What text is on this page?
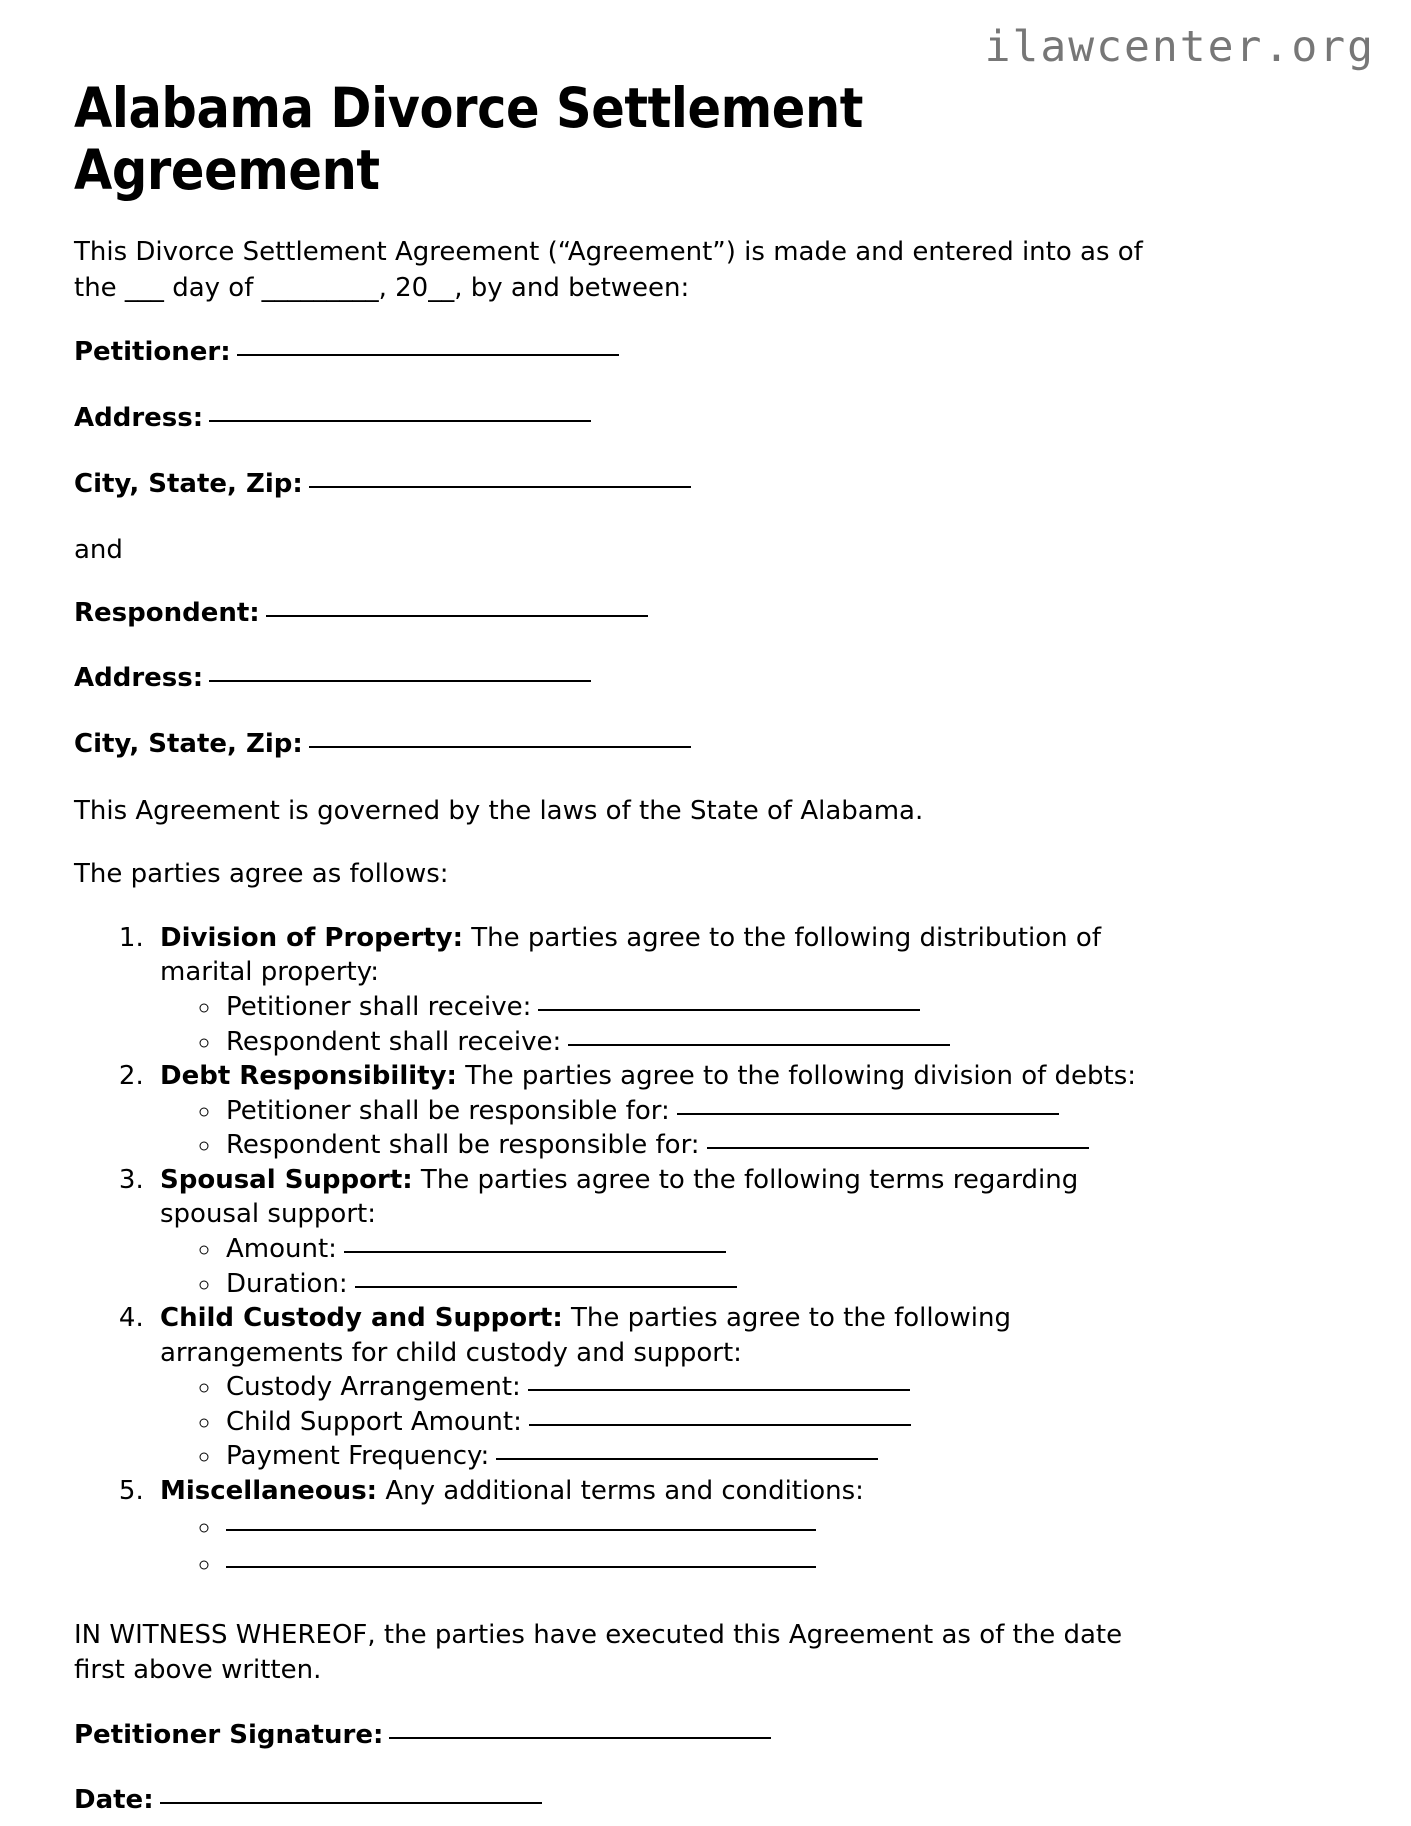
ilawcenter.org
Alabama Divorce Settlement Agreement

This Divorce Settlement Agreement (“Agreement”) is made and entered into as of the ___ day of _________, 20__, by and between:

Petitioner:
Address:
City, State, Zip:

and

Respondent:
Address:
City, State, Zip:

This Agreement is governed by the laws of the State of Alabama.

The parties agree as follows:

1. Division of Property: The parties agree to the following distribution of marital property:
◦ Petitioner shall receive:
◦ Respondent shall receive:
2. Debt Responsibility: The parties agree to the following division of debts:
◦ Petitioner shall be responsible for:
◦ Respondent shall be responsible for:
3. Spousal Support: The parties agree to the following terms regarding spousal support:
◦ Amount:
◦ Duration:
4. Child Custody and Support: The parties agree to the following arrangements for child custody and support:
◦ Custody Arrangement:
◦ Child Support Amount:
◦ Payment Frequency:
5. Miscellaneous: Any additional terms and conditions:
◦
◦

IN WITNESS WHEREOF, the parties have executed this Agreement as of the date first above written.

Petitioner Signature:
Date:
